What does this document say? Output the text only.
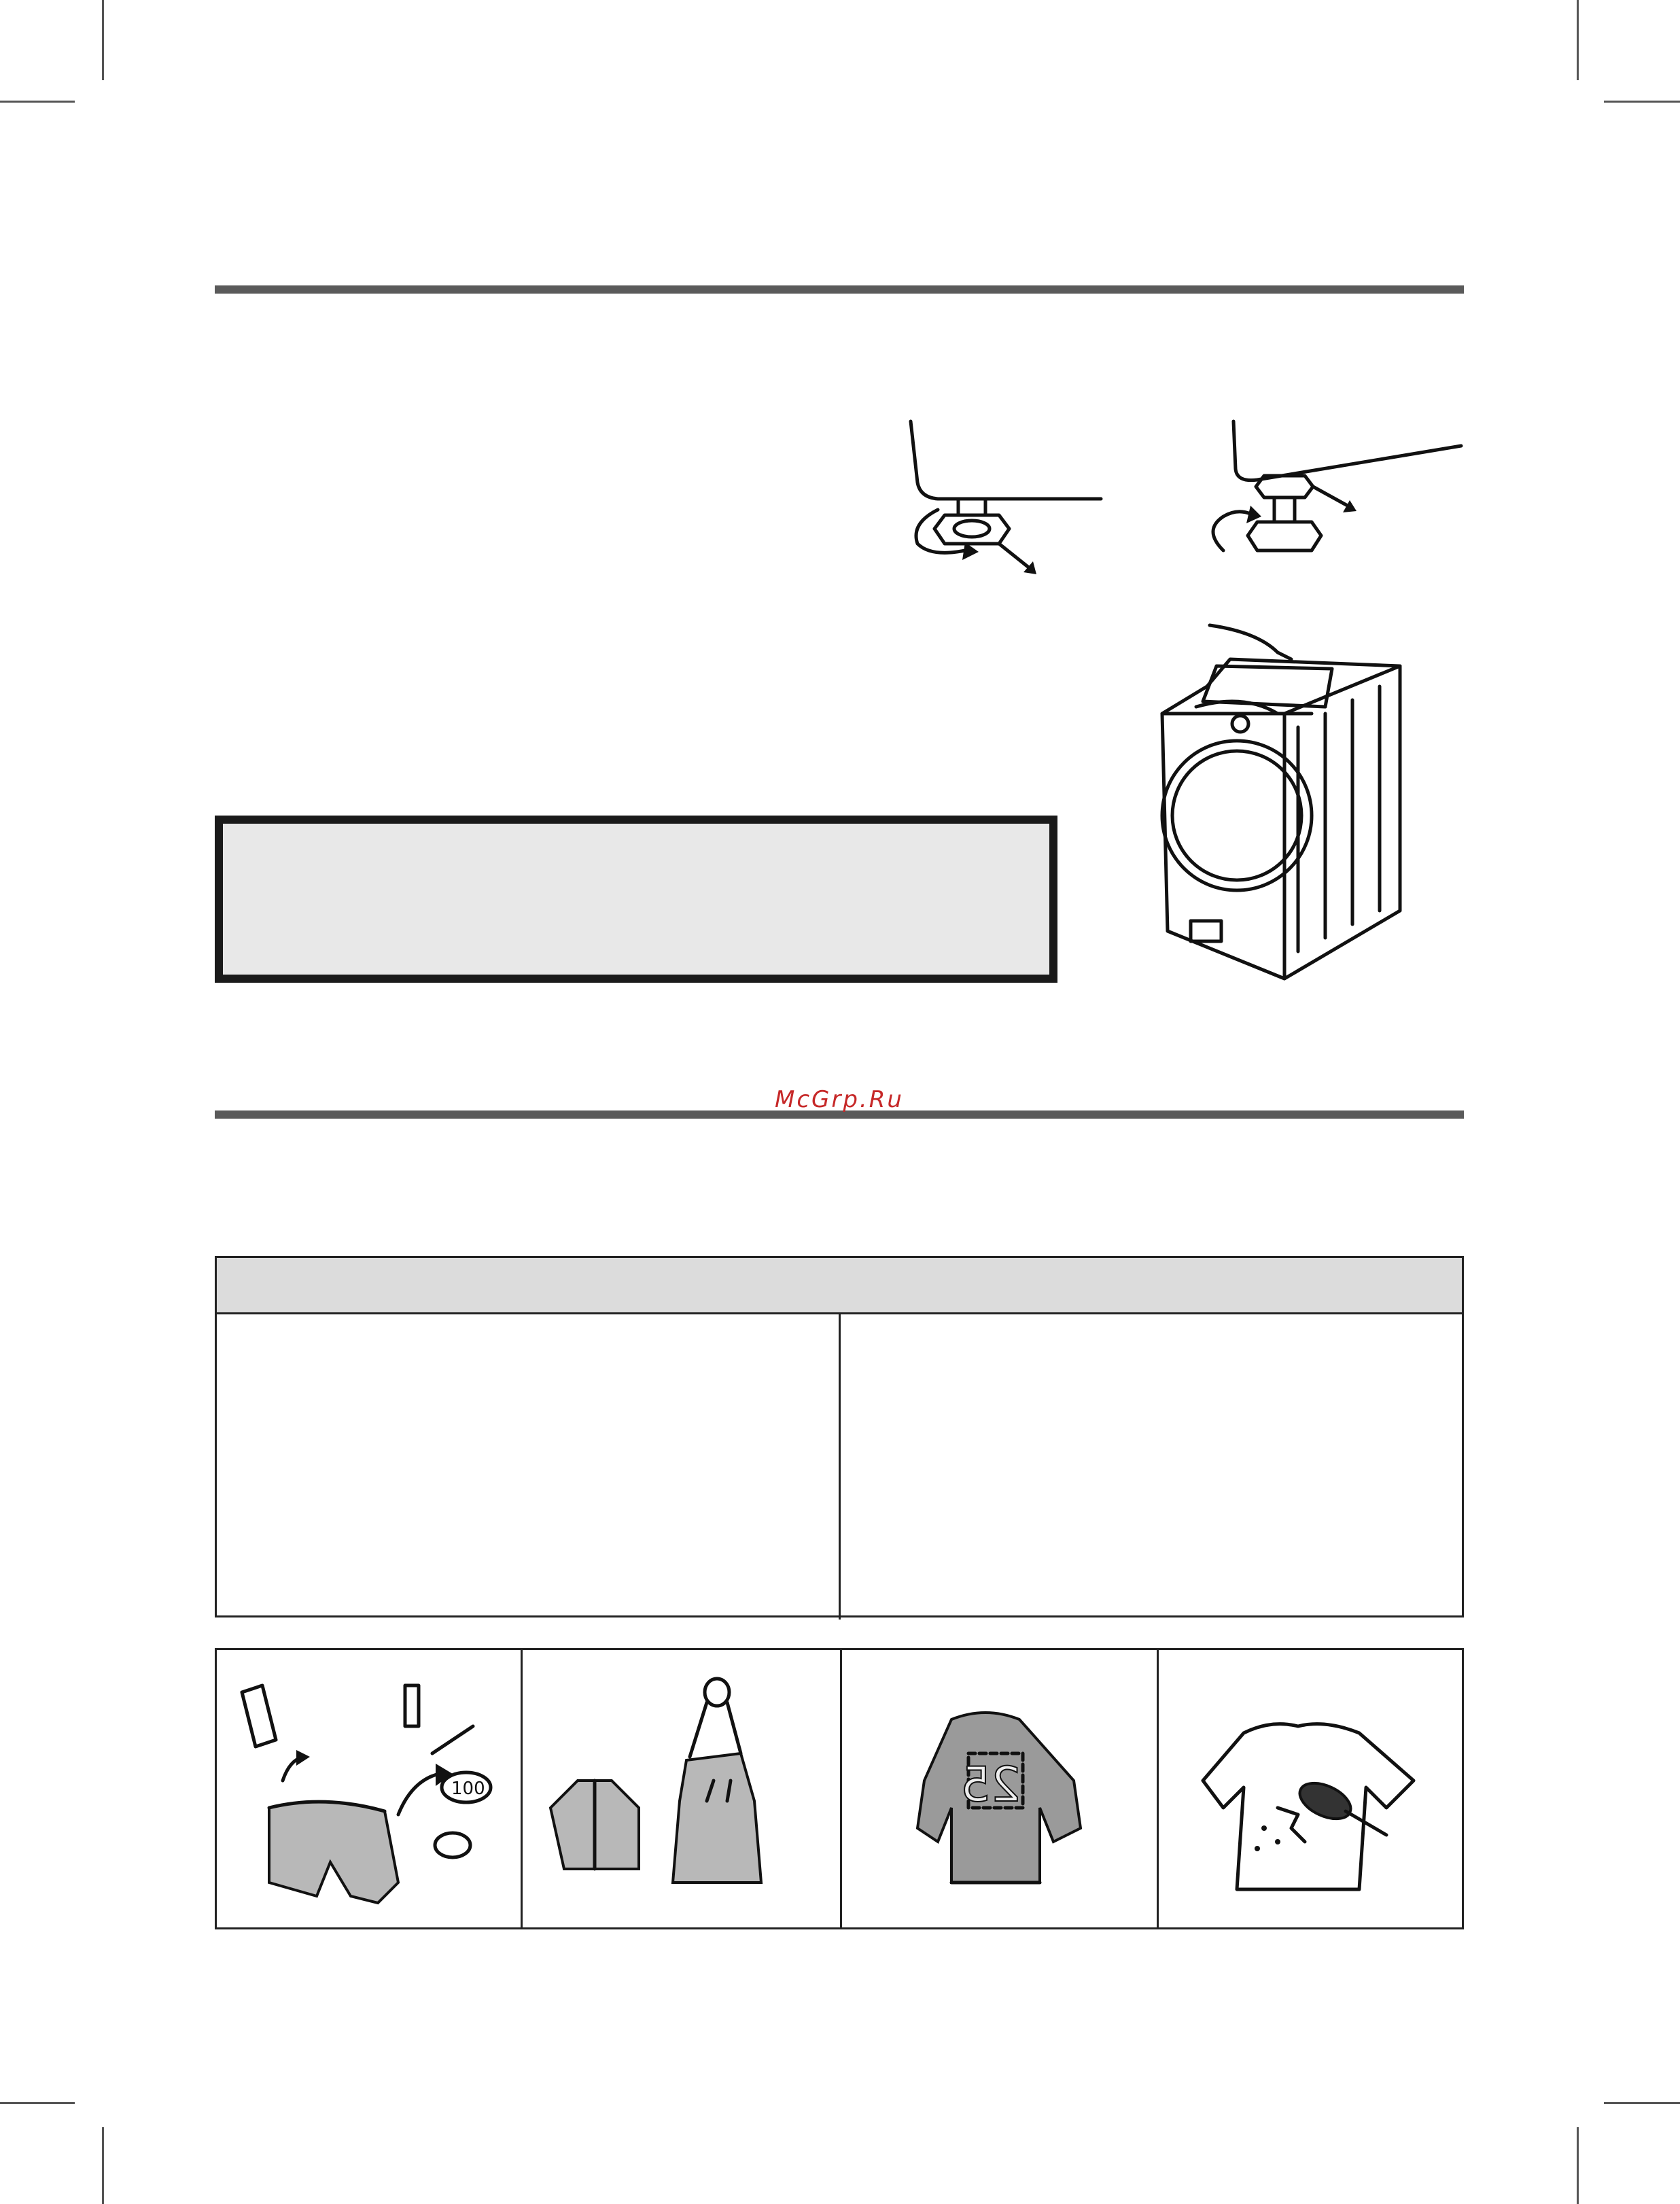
McGrp.Ru
100	25
